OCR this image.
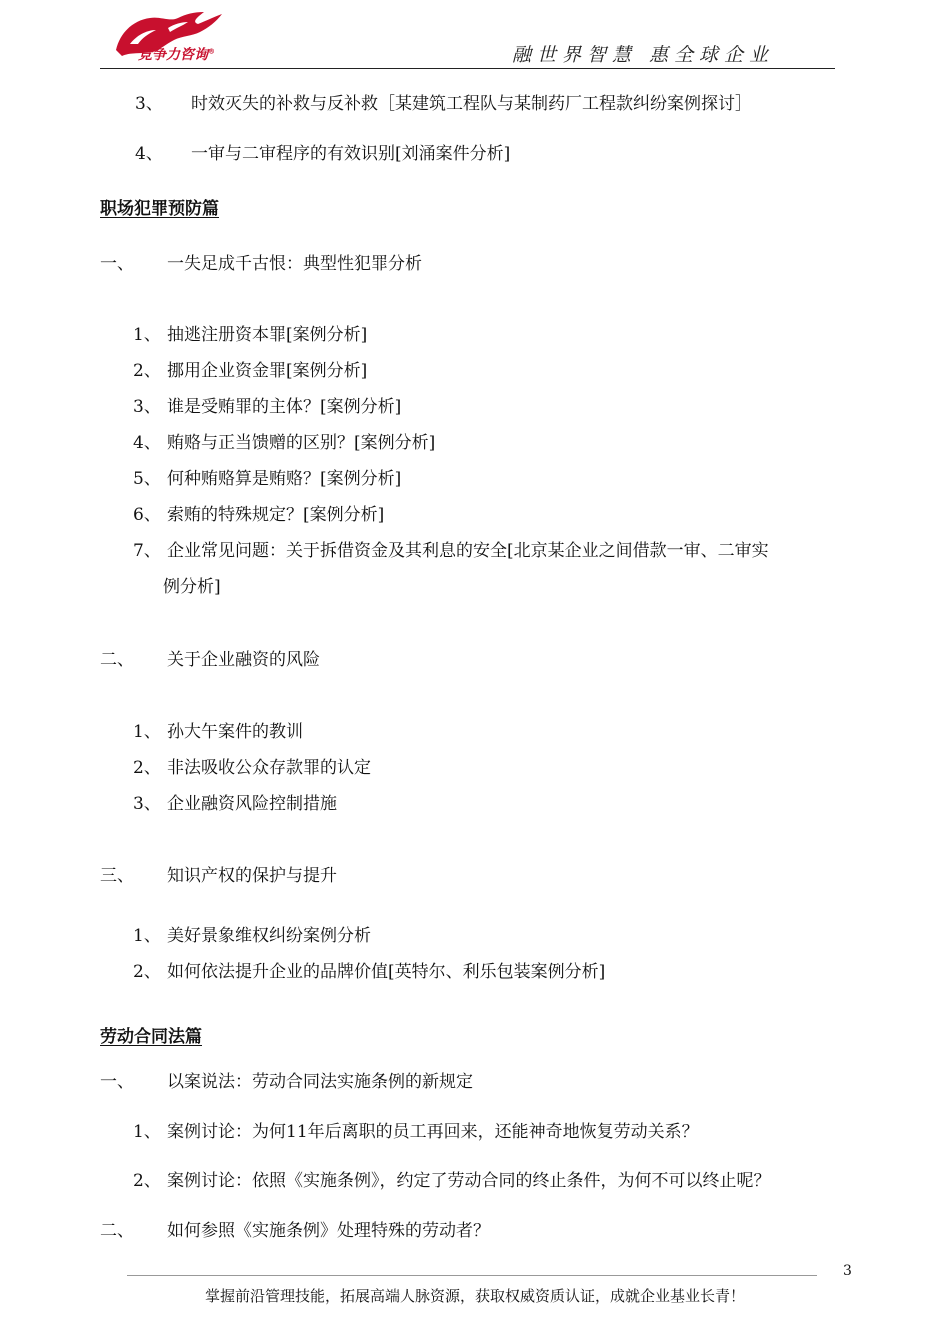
竞争力咨询®	融世界智慧 惠全球企业
3、 时效灭失的补救与反补救［某建筑工程队与某制药厂工程款纠纷案例探讨］
4、 一审与二审程序的有效识别[刘涌案件分析]
职场犯罪预防篇
一、 一失足成千古恨：典型性犯罪分析
1、 抽逃注册资本罪[案例分析]
2、 挪用企业资金罪[案例分析]
3、 谁是受贿罪的主体？[案例分析]
4、 贿赂与正当馈赠的区别？[案例分析]
5、 何种贿赂算是贿赂？[案例分析]
6、 索贿的特殊规定？[案例分析]
7、 企业常见问题：关于拆借资金及其利息的安全[北京某企业之间借款一审、二审实
例分析]
二、 关于企业融资的风险
1、 孙大午案件的教训
2、 非法吸收公众存款罪的认定
3、 企业融资风险控制措施
三、 知识产权的保护与提升
1、 美好景象维权纠纷案例分析
2、 如何依法提升企业的品牌价值[英特尔、利乐包装案例分析]
劳动合同法篇
一、 以案说法：劳动合同法实施条例的新规定
1、 案例讨论：为何11年后离职的员工再回来，还能神奇地恢复劳动关系？
2、 案例讨论：依照《实施条例》，约定了劳动合同的终止条件，为何不可以终止呢？
二、 如何参照《实施条例》处理特殊的劳动者？
3
掌握前沿管理技能，拓展高端人脉资源，获取权威资质认证，成就企业基业长青！
